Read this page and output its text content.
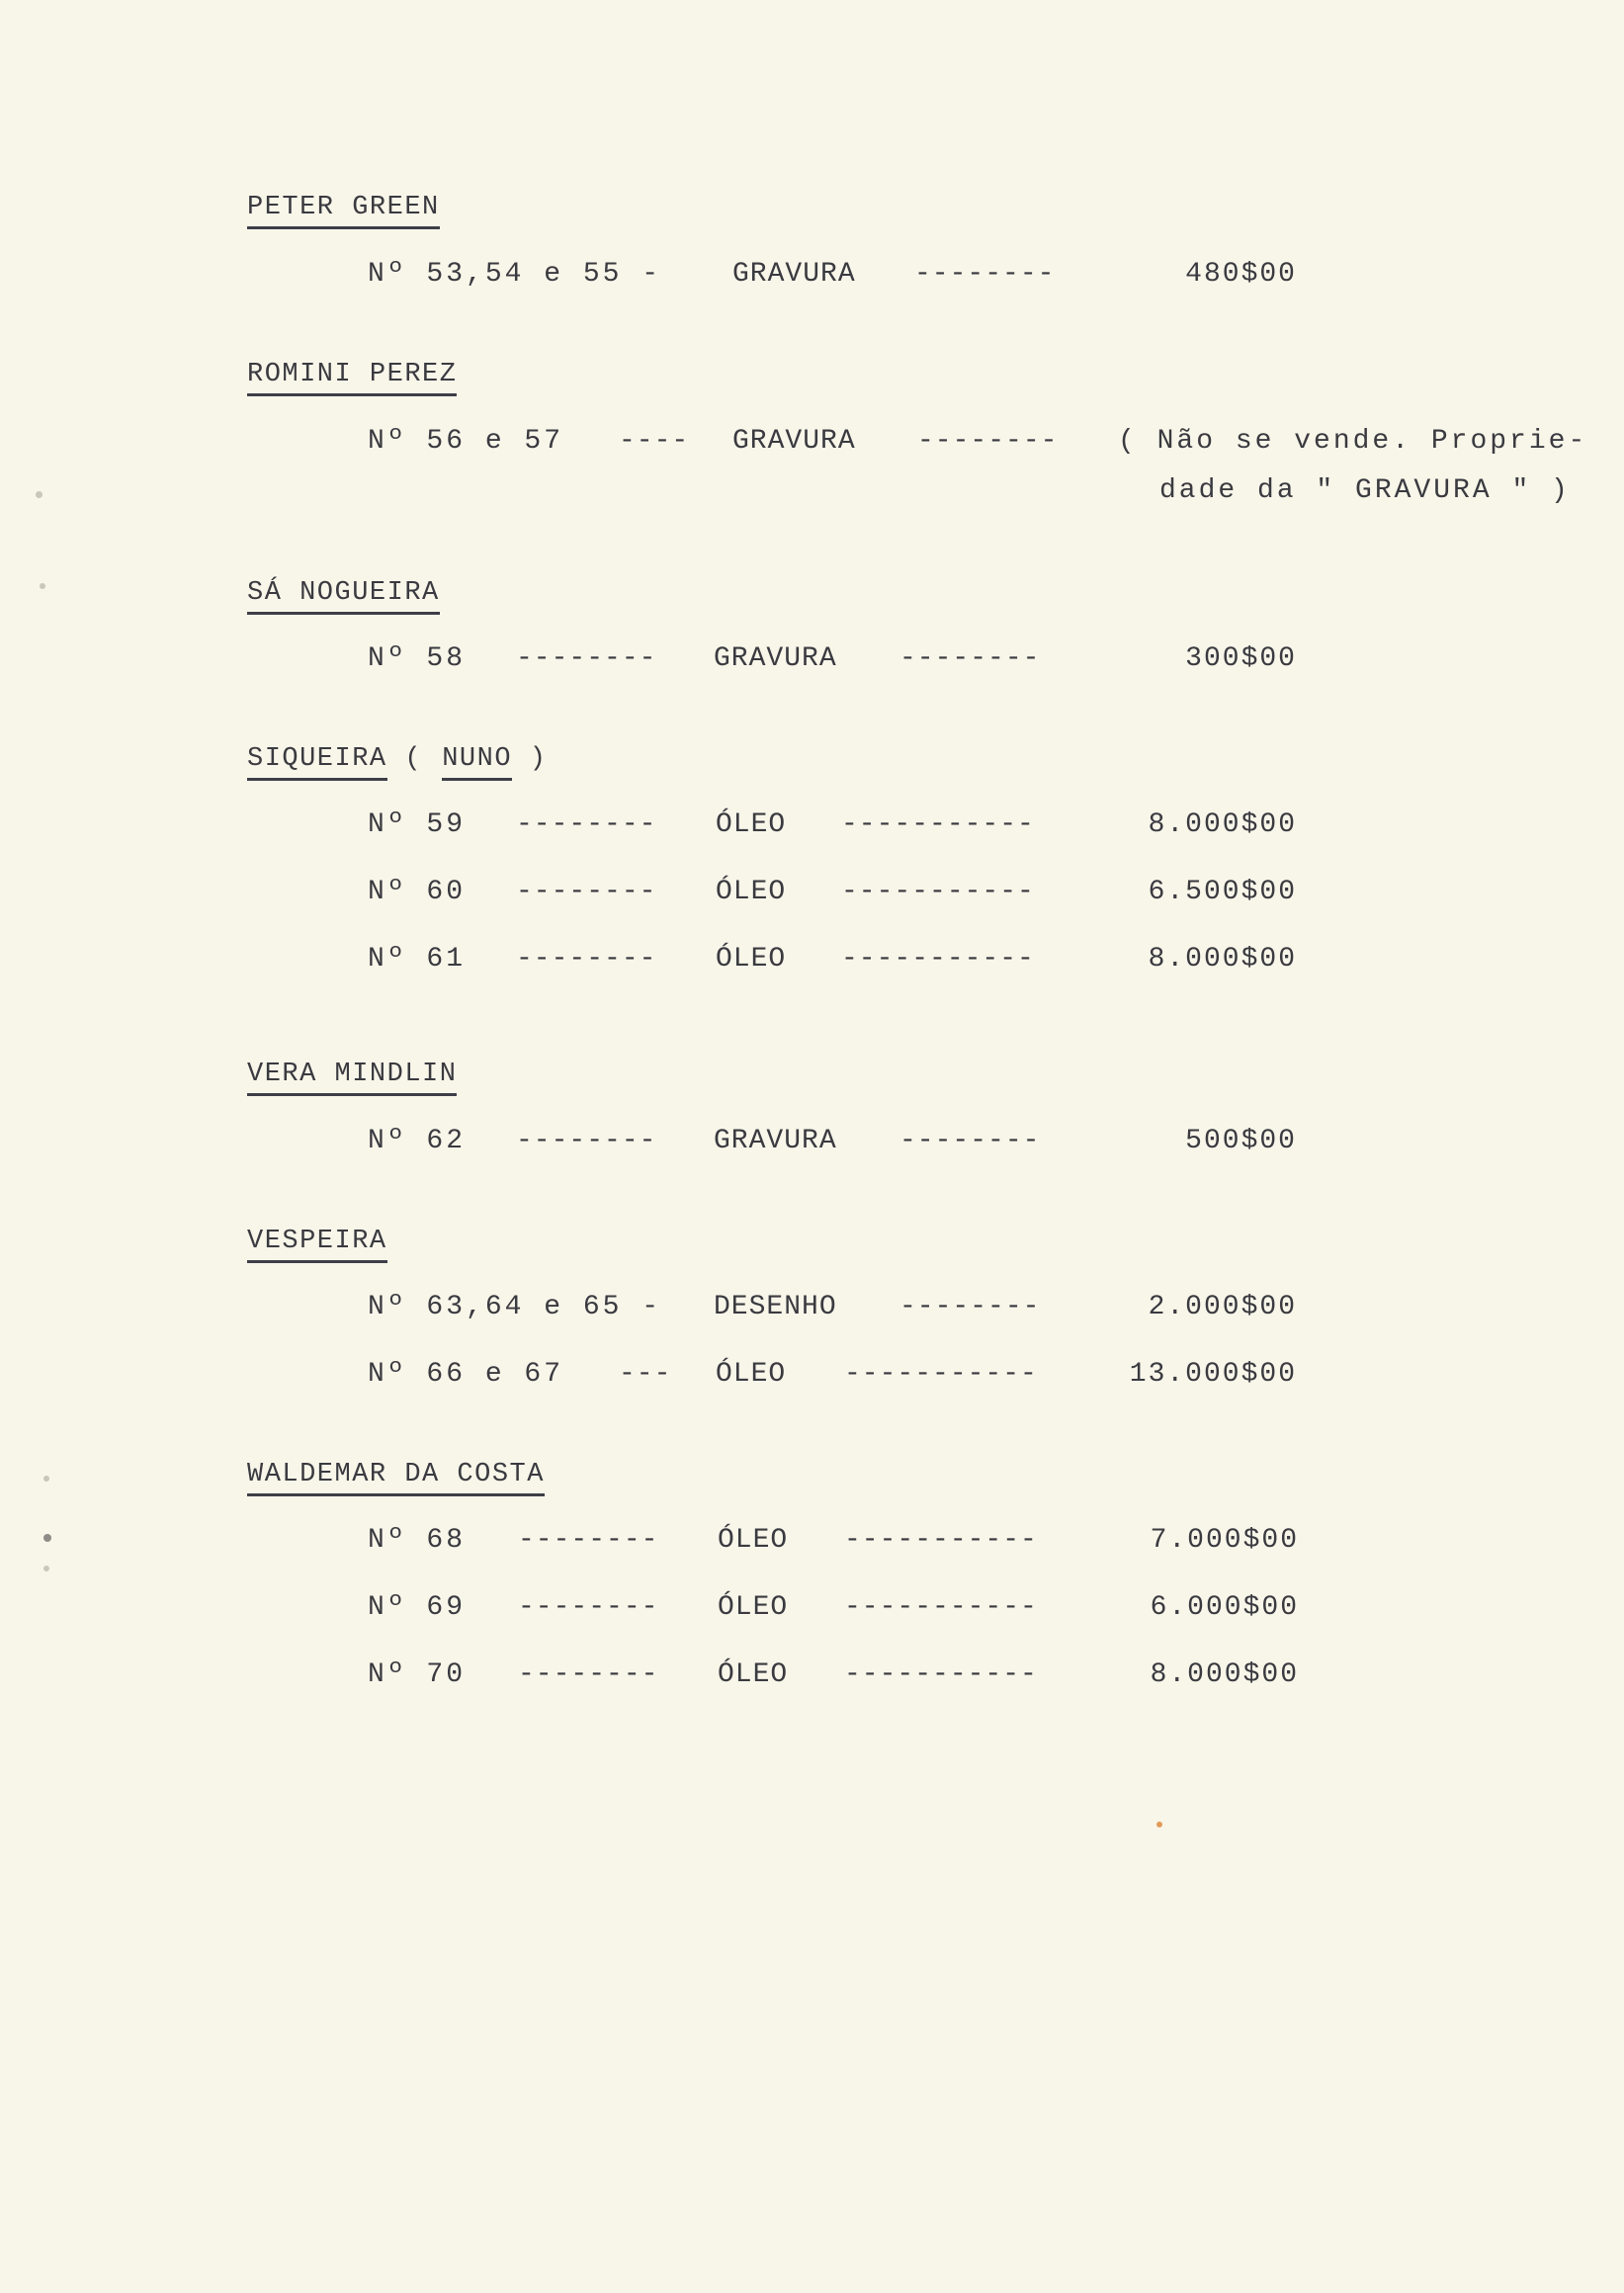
PETER GREEN
Nº 53,54 e 55 -	GRAVURA --------	480$00
ROMINI PEREZ
Nº 56 e 57 ---- GRAVURA -------- ( Não se vende. Proprie-
dade da " GRAVURA " )
SÁ NOGUEIRA
Nº 58 -------- GRAVURA --------	300$00
SIQUEIRA ( NUNO )
Nº 59 -------- ÓLEO -----------	8.000$00
Nº 60 -------- ÓLEO -----------	6.500$00
Nº 61 -------- ÓLEO -----------	8.000$00
VERA MINDLIN
Nº 62 -------- GRAVURA --------	500$00
VESPEIRA
Nº 63,64 e 65 - DESENHO --------	2.000$00
Nº 66 e 67 --- ÓLEO -----------	13.000$00
WALDEMAR DA COSTA
Nº 68 -------- ÓLEO -----------	7.000$00
Nº 69 -------- ÓLEO -----------	6.000$00
Nº 70 -------- ÓLEO -----------	8.000$00
